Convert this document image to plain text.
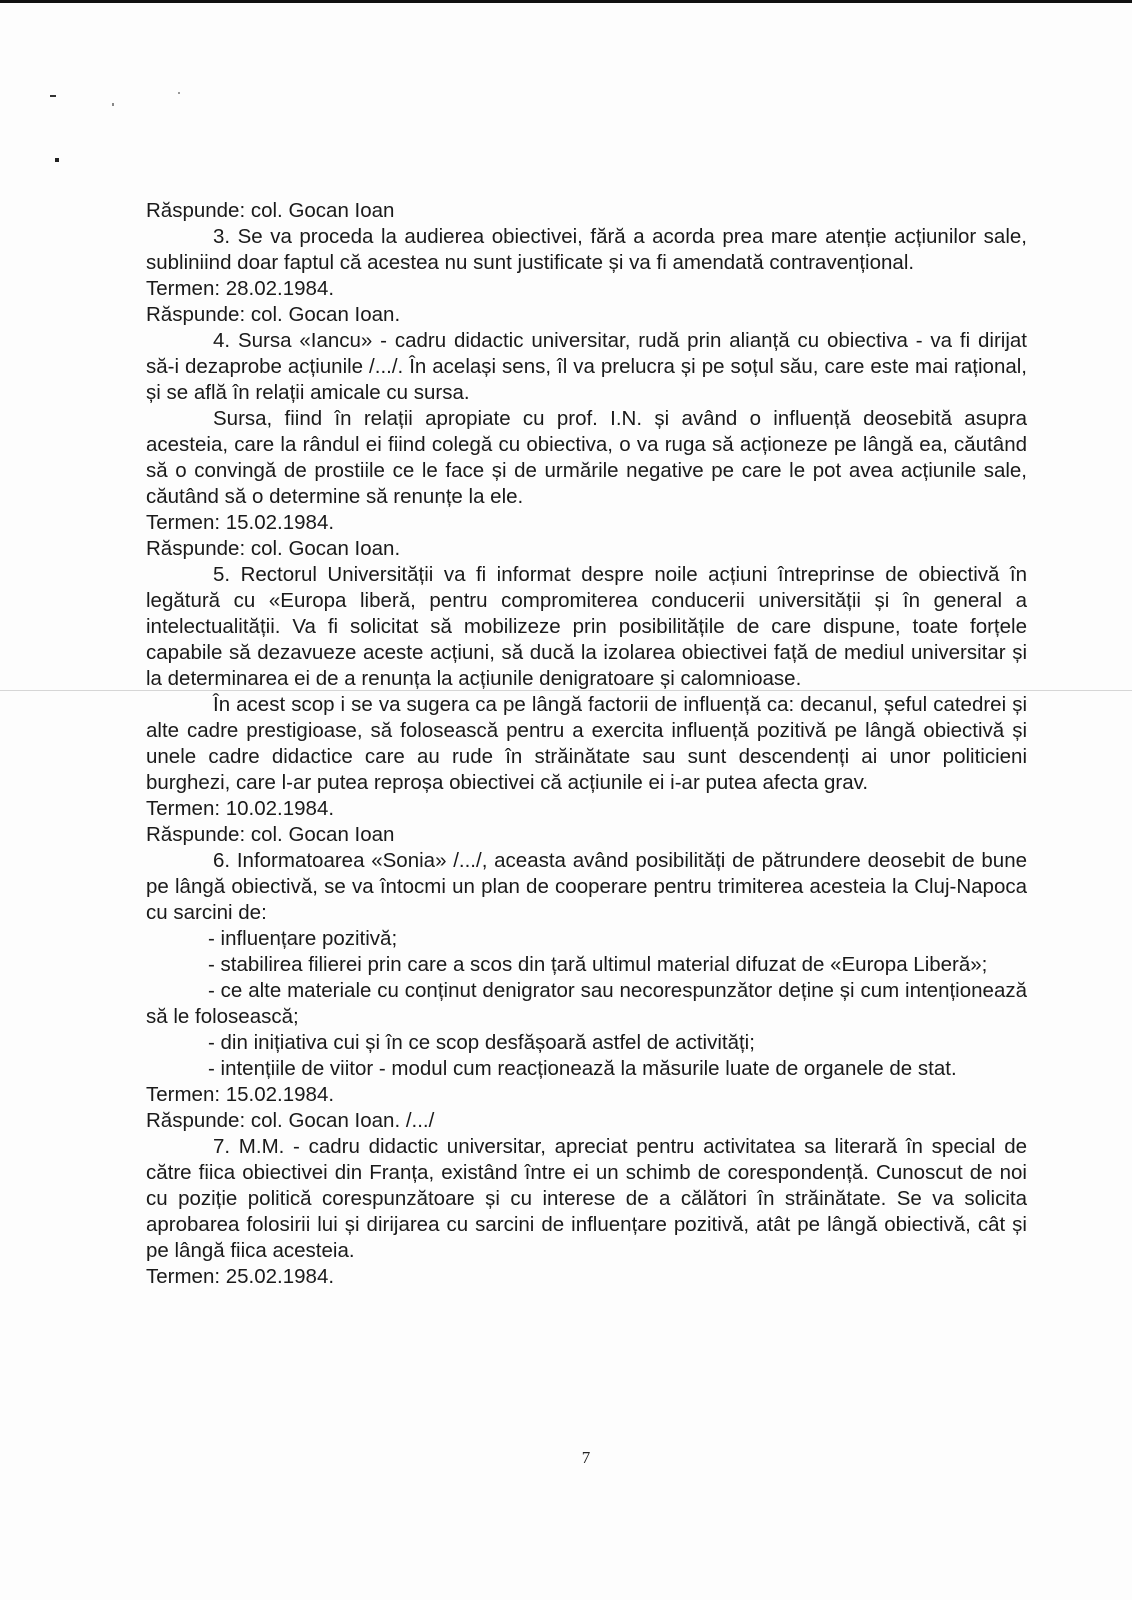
Răspunde: col. Gocan Ioan

3. Se va proceda la audierea obiectivei, fără a acorda prea mare atenție acțiunilor sale, subliniind doar faptul că acestea nu sunt justificate și va fi amendată contravențional.

Termen: 28.02.1984.

Răspunde: col. Gocan Ioan.

4. Sursa «Iancu» - cadru didactic universitar, rudă prin alianță cu obiectiva - va fi dirijat să-i dezaprobe acțiunile /.../. În același sens, îl va prelucra și pe soțul său, care este mai rațional, și se află în relații amicale cu sursa.

Sursa, fiind în relații apropiate cu prof. I.N. și având o influență deosebită asupra acesteia, care la rândul ei fiind colegă cu obiectiva, o va ruga să acționeze pe lângă ea, căutând să o convingă de prostiile ce le face și de urmările negative pe care le pot avea acțiunile sale, căutând să o determine să renunțe la ele.

Termen: 15.02.1984.

Răspunde: col. Gocan Ioan.

5. Rectorul Universității va fi informat despre noile acțiuni întreprinse de obiectivă în legătură cu «Europa liberă, pentru compromiterea conducerii universității și în general a intelectualității. Va fi solicitat să mobilizeze prin posibilitățile de care dispune, toate forțele capabile să dezavueze aceste acțiuni, să ducă la izolarea obiectivei față de mediul universitar și la determinarea ei de a renunța la acțiunile denigratoare și calomnioase.

În acest scop i se va sugera ca pe lângă factorii de influență ca: decanul, șeful catedrei și alte cadre prestigioase, să folosească pentru a exercita influență pozitivă pe lângă obiectivă și unele cadre didactice care au rude în străinătate sau sunt descendenți ai unor politicieni burghezi, care l-ar putea reproșa obiectivei că acțiunile ei i-ar putea afecta grav.

Termen: 10.02.1984.

Răspunde: col. Gocan Ioan

6. Informatoarea «Sonia» /.../, aceasta având posibilități de pătrundere deosebit de bune pe lângă obiectivă, se va întocmi un plan de cooperare pentru trimiterea acesteia la Cluj-Napoca cu sarcini de:

- influențare pozitivă;

- stabilirea filierei prin care a scos din țară ultimul material difuzat de «Europa Liberă»;

- ce alte materiale cu conținut denigrator sau necorespunzător deține și cum intenționează să le folosească;

- din inițiativa cui și în ce scop desfășoară astfel de activități;

- intențiile de viitor - modul cum reacționează la măsurile luate de organele de stat.

Termen: 15.02.1984.

Răspunde: col. Gocan Ioan. /.../

7. M.M. - cadru didactic universitar, apreciat pentru activitatea sa literară în special de către fiica obiectivei din Franța, existând între ei un schimb de corespondență. Cunoscut de noi cu poziție politică corespunzătoare și cu interese de a călători în străinătate. Se va solicita aprobarea folosirii lui și dirijarea cu sarcini de influențare pozitivă, atât pe lângă obiectivă, cât și pe lângă fiica acesteia.

Termen: 25.02.1984.

7
